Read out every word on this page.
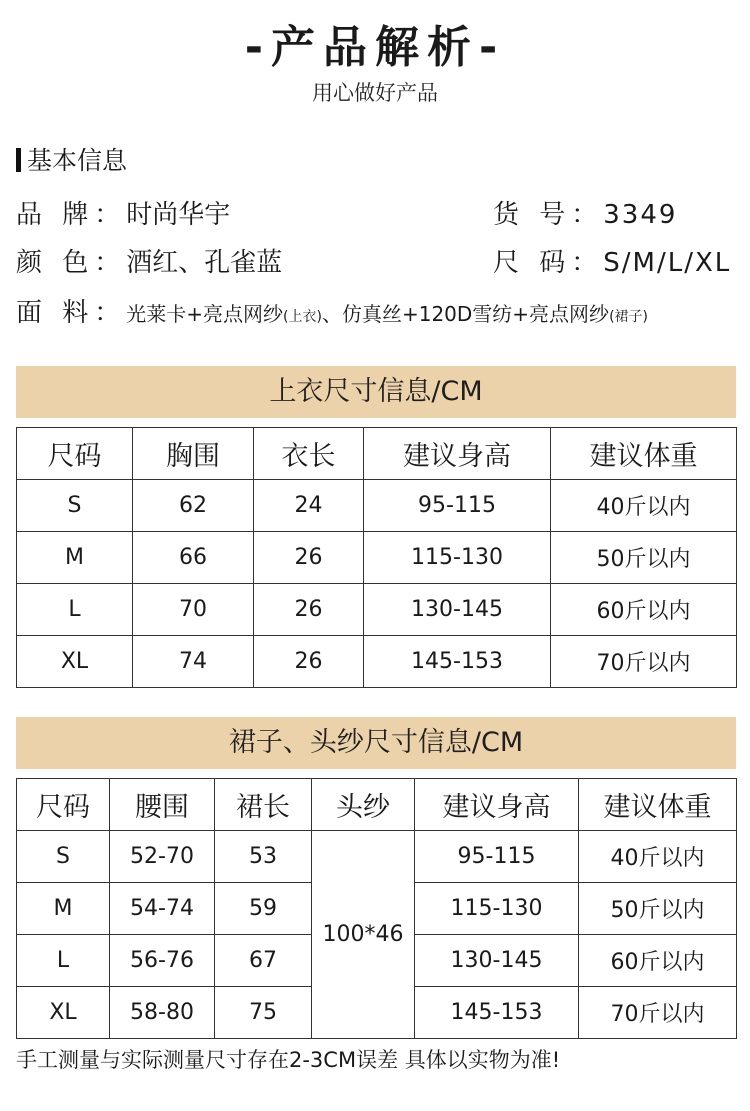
-产品解析-
用心做好产品
基本信息
品 牌：时尚华宇	货 号：3349
颜 色：酒红、孔雀蓝	尺 码：S/M/L/XL
面 料：光莱卡+亮点网纱(上衣)、仿真丝+120D雪纺+亮点网纱(裙子)
上衣尺寸信息/CM
尺码	胸围	衣长	建议身高	建议体重
S	62	24	95-115	40斤以内
M	66	26	115-130	50斤以内
L	70	26	130-145	60斤以内
XL	74	26	145-153	70斤以内
裙子、头纱尺寸信息/CM
尺码	腰围	裙长	头纱	建议身高	建议体重
S	52-70	53	100*46	95-115	40斤以内
M	54-74	59		115-130	50斤以内
L	56-76	67		130-145	60斤以内
XL	58-80	75		145-153	70斤以内
手工测量与实际测量尺寸存在2-3CM误差 具体以实物为准!
